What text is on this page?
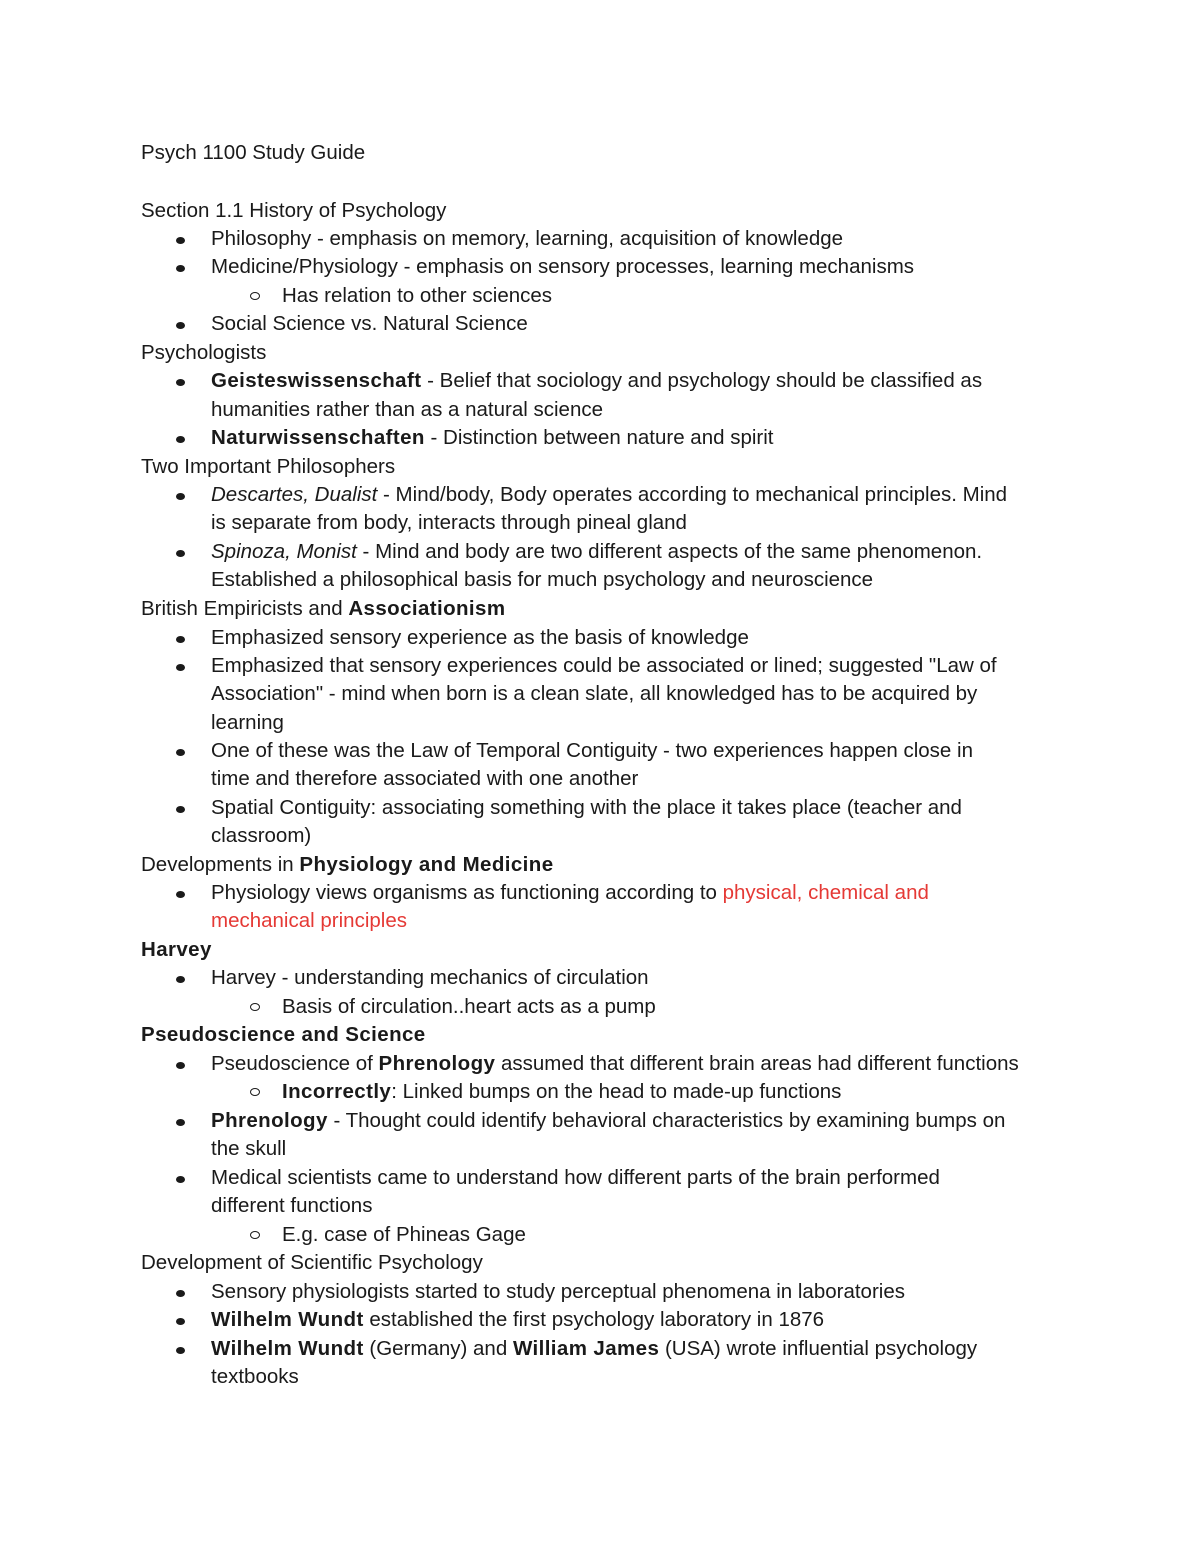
Psych 1100 Study Guide
Section 1.1 History of Psychology
Philosophy - emphasis on memory, learning, acquisition of knowledge
Medicine/Physiology - emphasis on sensory processes, learning mechanisms
Has relation to other sciences
Social Science vs. Natural Science
Psychologists
Geisteswissenschaft - Belief that sociology and psychology should be classified as
humanities rather than as a natural science
Naturwissenschaften - Distinction between nature and spirit
Two Important Philosophers
Descartes, Dualist - Mind/body, Body operates according to mechanical principles. Mind
is separate from body, interacts through pineal gland
Spinoza, Monist - Mind and body are two different aspects of the same phenomenon.
Established a philosophical basis for much psychology and neuroscience
British Empiricists and Associationism
Emphasized sensory experience as the basis of knowledge
Emphasized that sensory experiences could be associated or lined; suggested "Law of
Association" - mind when born is a clean slate, all knowledged has to be acquired by
learning
One of these was the Law of Temporal Contiguity - two experiences happen close in
time and therefore associated with one another
Spatial Contiguity: associating something with the place it takes place (teacher and
classroom)
Developments in Physiology and Medicine
Physiology views organisms as functioning according to physical, chemical and
mechanical principles
Harvey
Harvey - understanding mechanics of circulation
Basis of circulation..heart acts as a pump
Pseudoscience and Science
Pseudoscience of Phrenology assumed that different brain areas had different functions
Incorrectly: Linked bumps on the head to made-up functions
Phrenology - Thought could identify behavioral characteristics by examining bumps on
the skull
Medical scientists came to understand how different parts of the brain performed
different functions
E.g. case of Phineas Gage
Development of Scientific Psychology
Sensory physiologists started to study perceptual phenomena in laboratories
Wilhelm Wundt established the first psychology laboratory in 1876
Wilhelm Wundt (Germany) and William James (USA) wrote influential psychology
textbooks
